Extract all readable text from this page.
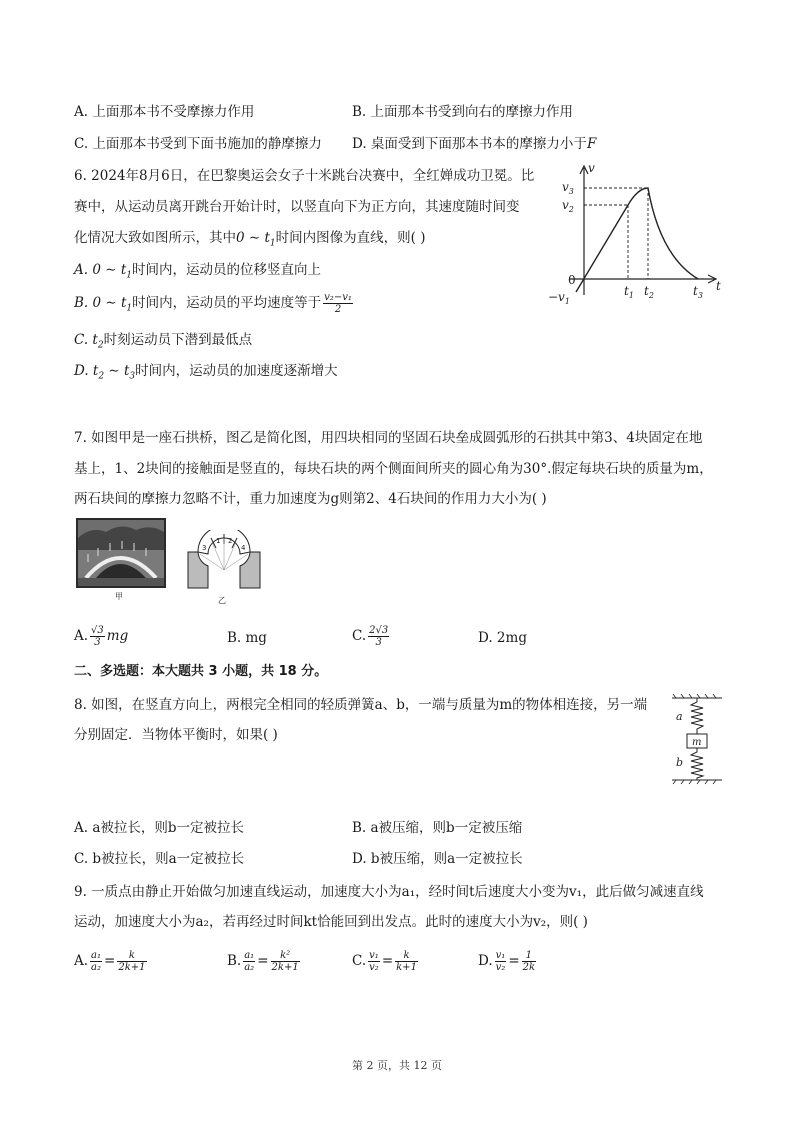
A. 上面那本书不受摩擦力作用	B. 上面那本书受到向右的摩擦力作用
C. 上面那本书受到下面书施加的静摩擦力 D. 桌面受到下面那本书本的摩擦力小于F
6. 2024年8月6日，在巴黎奥运会女子十米跳台决赛中，全红婵成功卫冕。比
赛中，从运动员离开跳台开始计时，以竖直向下为正方向，其速度随时间变
化情况大致如图所示，其中0 ∼ $t_1$时间内图像为直线，则( )
A. 0 ∼ $t_1$时间内，运动员的位移竖直向上
B. 0 ∼ $t_1$时间内，运动员的平均速度等于 $\frac{\text{v₂−v₁}}{2}$
C. $t_2$时刻运动员下潜到最低点
D. $t_2$ ∼ $t_3$时间内，运动员的加速度逐渐增大
v
t
0
$v_3$
$v_2$
$-v_1$
$t_1$ $t_2$	$t_3$
7. 如图甲是一座石拱桥，图乙是简化图，用四块相同的坚固石块垒成圆弧形的石拱其中第3、4块固定在地
基上，1、2块间的接触面是竖直的，每块石块的两个侧面间所夹的圆心角为30°.假定每块石块的质量为m，
两石块间的摩擦力忽略不计，重力加速度为g则第2、4石块间的作用力大小为( )
甲
3
1 2
4
乙
A. $\frac{√3}{3}$ mg	B. mg	C. $\frac{2√3}{3}$	D. 2mg
二、多选题：本大题共 3 小题，共 18 分。
8. 如图，在竖直方向上，两根完全相同的轻质弹簧a、b，一端与质量为m的物体相连接，另一端
分别固定．当物体平衡时，如果( )
a
m
b
A. a被拉长，则b一定被拉长	B. a被压缩，则b一定被压缩
C. b被拉长，则a一定被拉长	D. b被压缩，则a一定被拉长
9. 一质点由静止开始做匀加速直线运动，加速度大小为a₁，经时间t后速度大小变为v₁，此后做匀减速直线
运动，加速度大小为a₂，若再经过时间kt恰能回到出发点。此时的速度大小为v₂，则( )
A. $\frac{\text{a₁}}{\text{a₂}} = \frac{k}{2k+1}$	B. $\frac{\text{a₁}}{\text{a₂}} = \frac{\text{k²}}{2k+1}$	C. $\frac{\text{v₁}}{\text{v₂}} = \frac{k}{k+1}$	D. $\frac{\text{v₁}}{\text{v₂}} = \frac{1}{2k}$
第 2 页，共 12 页
